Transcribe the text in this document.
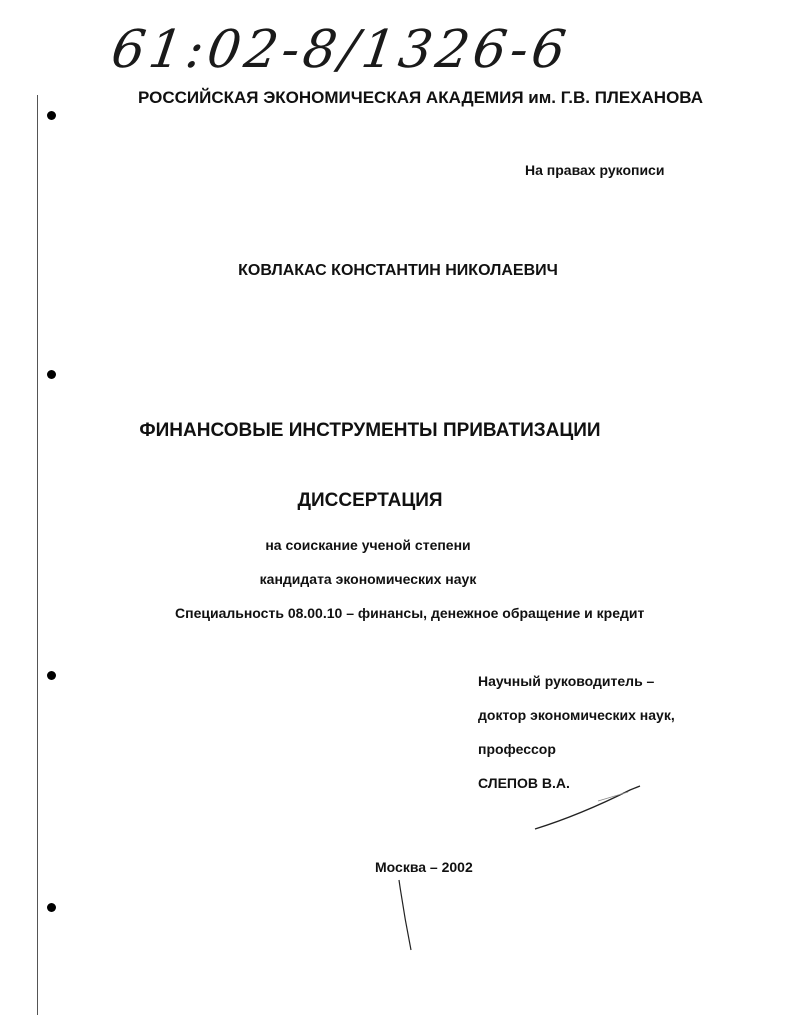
61:02-8/1326-6
РОССИЙСКАЯ ЭКОНОМИЧЕСКАЯ АКАДЕМИЯ им. Г.В. ПЛЕХАНОВА
На правах рукописи
КОВЛАКАС КОНСТАНТИН НИКОЛАЕВИЧ
ФИНАНСОВЫЕ ИНСТРУМЕНТЫ ПРИВАТИЗАЦИИ
ДИССЕРТАЦИЯ
на соискание ученой степени
кандидата экономических наук
Специальность 08.00.10 – финансы, денежное обращение и кредит
Научный руководитель –
доктор экономических наук,
профессор
СЛЕПОВ В.А.
Москва – 2002
